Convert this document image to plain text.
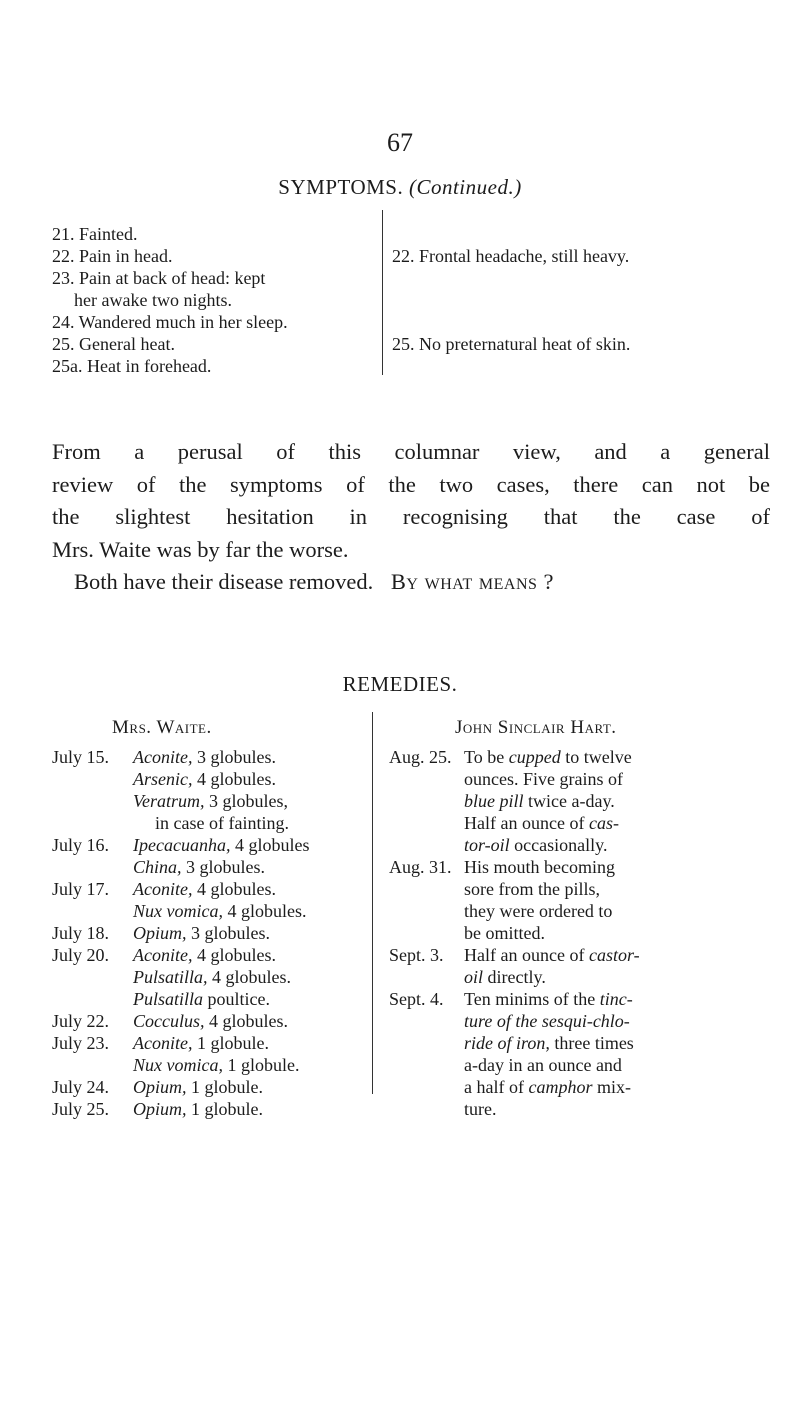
67
SYMPTOMS. (Continued.)
21. Fainted.
22. Pain in head.
23. Pain at back of head: kept
her awake two nights.
24. Wandered much in her sleep.
25. General heat.
25a. Heat in forehead.
22. Frontal headache, still heavy.
25. No preternatural heat of skin.

From a perusal of this columnar view, and a general

review of the symptoms of the two cases, there can not be

the slightest hesitation in recognising that the case of

Mrs. Waite was by far the worse.

Both have their disease removed. By what means ?

REMEDIES.
Mrs. Waite.	John Sinclair Hart.
July 15. Aconite, 3 globules.
Arsenic, 4 globules.
Veratrum, 3 globules,
in case of fainting.
July 16. Ipecacuanha, 4 globules
China, 3 globules.
July 17. Aconite, 4 globules.
Nux vomica, 4 globules.
July 18. Opium, 3 globules.
July 20. Aconite, 4 globules.
Pulsatilla, 4 globules.
Pulsatilla poultice.
July 22. Cocculus, 4 globules.
July 23. Aconite, 1 globule.
Nux vomica, 1 globule.
July 24. Opium, 1 globule.
July 25. Opium, 1 globule.
Aug. 25. To be cupped to twelve
ounces. Five grains of
blue pill twice a-day.
Half an ounce of cas-
tor-oil occasionally.
Aug. 31. His mouth becoming
sore from the pills,
they were ordered to
be omitted.
Sept. 3. Half an ounce of castor-
oil directly.
Sept. 4. Ten minims of the tinc-
ture of the sesqui-chlo-
ride of iron, three times
a-day in an ounce and
a half of camphor mix-
ture.
